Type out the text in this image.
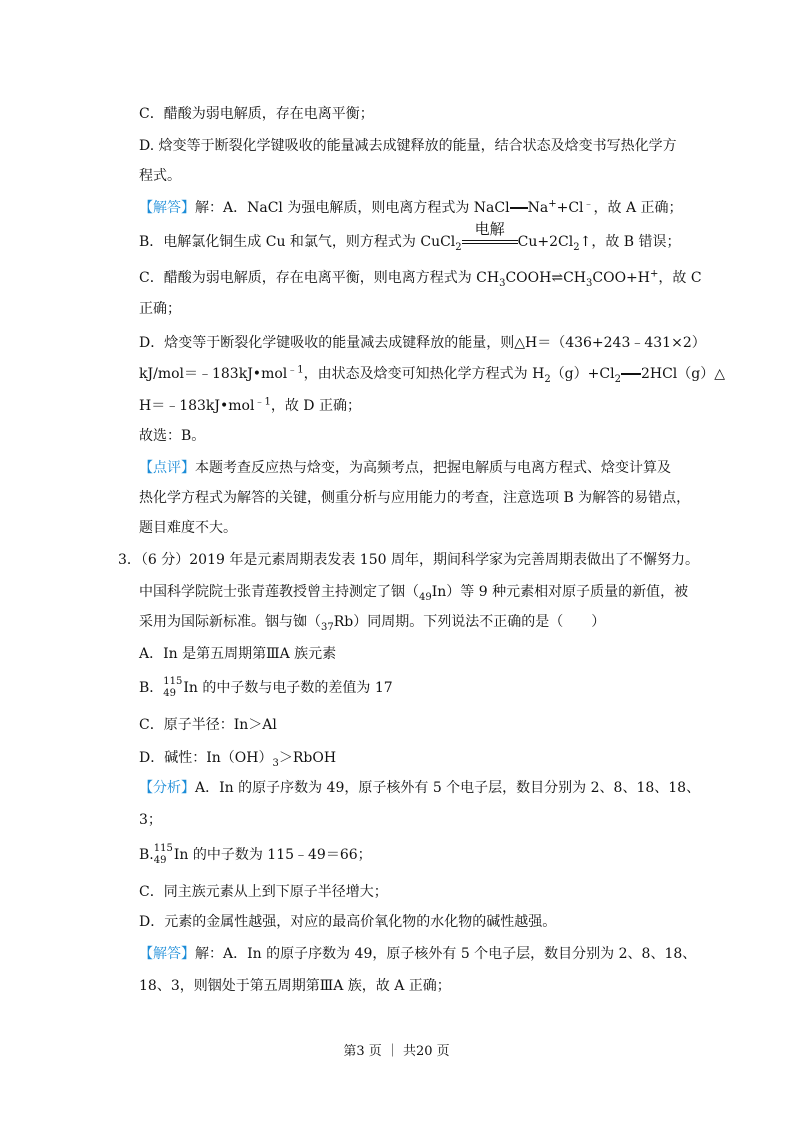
C．醋酸为弱电解质，存在电离平衡；
D. 焓变等于断裂化学键吸收的能量减去成键释放的能量，结合状态及焓变书写热化学方
程式。
【解答】解：A．NaCl 为强电解质，则电离方程式为 NaCl Na++Cl﹣，故 A 正确；
B．电解氯化铜生成 Cu 和氯气，则方程式为 CuCl$_2$
电解
$Cu+2Cl_2↑$，故 B 错误；
C．醋酸为弱电解质，存在电离平衡，则电离方程式为 $CH_3COOH\rightleftharpoons CH_3COO+H^+$，故 C
正确；
D．焓变等于断裂化学键吸收的能量减去成键释放的能量，则△H＝（436+243﹣431×2）
kJ/mol＝﹣183kJ•mol$^{﹣1}$，由状态及焓变可知热化学方程式为 $H_2(g)+Cl_2$ 2HCl（g）△
H＝﹣183kJ•mol$^{﹣1}$，故 D 正确；
故选：B。
【点评】本题考查反应热与焓变，为高频考点，把握电解质与电离方程式、焓变计算及
热化学方程式为解答的关键，侧重分析与应用能力的考查，注意选项 B 为解答的易错点，
题目难度不大。
3．（6 分）2019 年是元素周期表发表 150 周年，期间科学家为完善周期表做出了不懈努力。
中国科学院院士张青莲教授曾主持测定了铟$(_{49}In)$等 9 种元素相对原子质量的新值，被
采用为国际新标准。铟与铷$(_{37}Rb)$同周期。下列说法不正确的是（　　）
A．In 是第五周期第ⅢA 族元素
B． 115
49 In 的中子数与电子数的差值为 17
C．原子半径：In＞Al
D．碱性：$In(OH)_3>RbOH$
【分析】A．In 的原子序数为 49，原子核外有 5 个电子层，数目分别为 2、8、18、18、
3；
B. 115
49 In 的中子数为 115﹣49＝66；
C．同主族元素从上到下原子半径增大；
D．元素的金属性越强，对应的最高价氧化物的水化物的碱性越强。
【解答】解：A．In 的原子序数为 49，原子核外有 5 个电子层，数目分别为 2、8、18、
18、3，则铟处于第五周期第ⅢA 族，故 A 正确；
第3 页 ｜ 共20 页
